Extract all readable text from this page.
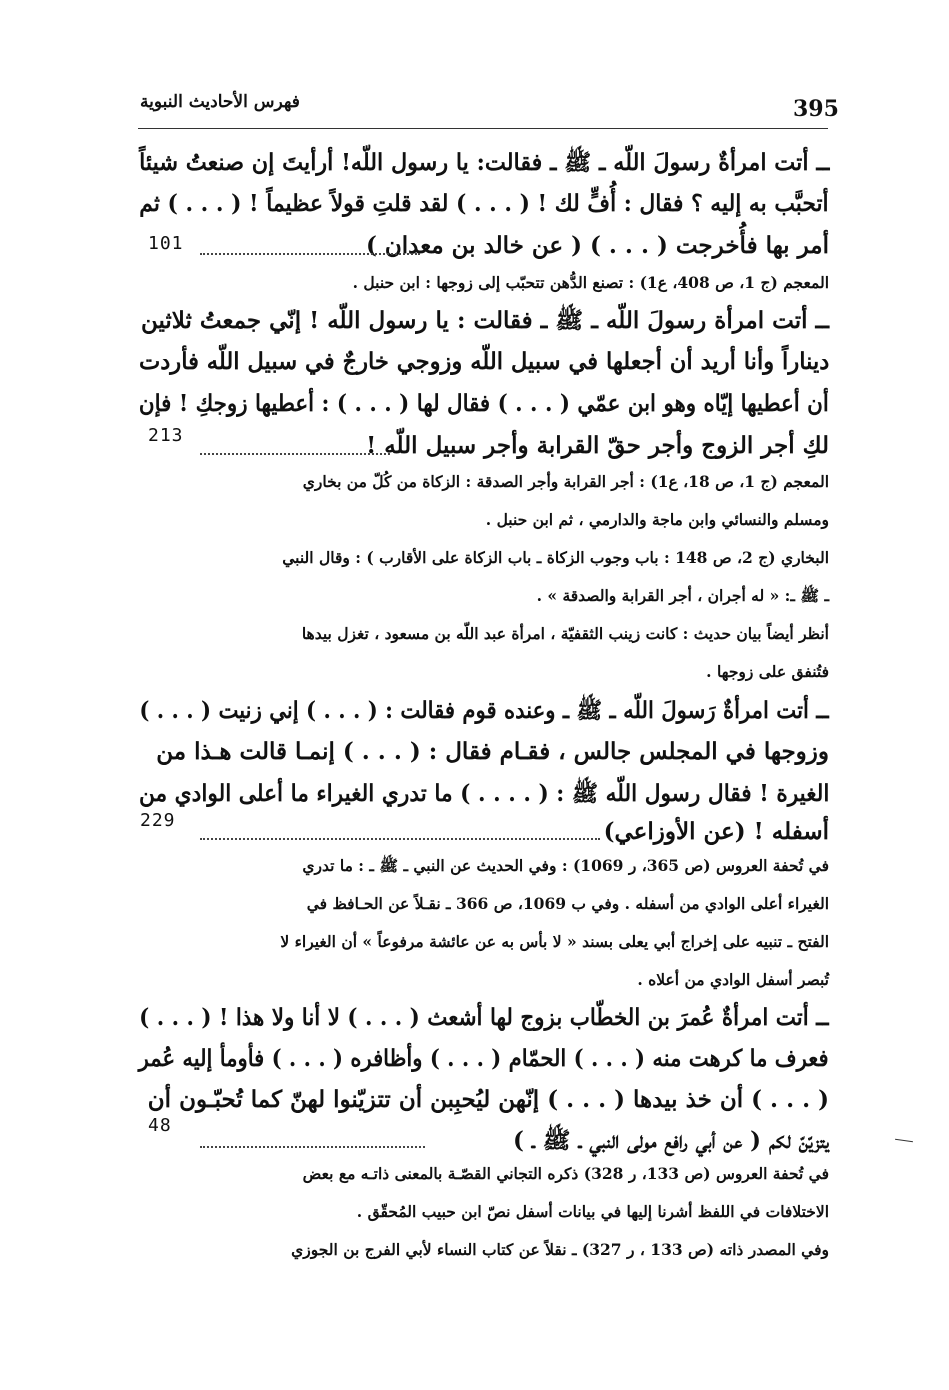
فهرس الأحاديث النبوية	395
ــ أتت امرأةٌ رسولَ اللّه ـ ﷺ ـ فقالت: يا رسول اللّه! أرأيتَ إن صنعتُ شيئاً
أتحبَّب به إليه ؟ فقال : أُفٍّ لك ! ( . . . ) لقد قلتِ قولاً عظيماً ! ( . . . ) ثم
أمر بها فأُخرجت ( . . . ) ( عن خالد بن معدان )
101
المعجم (ج 1، ص 408، ع1) : تصنع الدُّهن تتحبّب إلى زوجها : ابن حنبل .
ــ أتت امرأة رسولَ اللّه ـ ﷺ ـ فقالت : يا رسول اللّه ! إنّي جمعتُ ثلاثين
ديناراً وأنا أريد أن أجعلها في سبيل اللّه وزوجي خارجٌ في سبيل اللّه فأردت
أن أعطيها إيّاه وهو ابن عمّي ( . . . ) فقال لها ( . . . ) : أعطيها زوجكِ ! فإن
لكِ أجر الزوج وأجر حقّ القرابة وأجر سبيل اللّه !
213
المعجم (ج 1، ص 18، ع1) : أجر القرابة وأجر الصدقة : الزكاة من كُلّ من بخاري
ومسلم والنسائي وابن ماجة والدارمي ، ثم ابن حنبل .
البخاري (ج 2، ص 148 : باب وجوب الزكاة ـ باب الزكاة على الأقارب ) : وقال النبي
ـ ﷺ ـ: « له أجران ، أجر القرابة والصدقة » .
أنظر أيضاً بيان حديث : كانت زينب الثقفيّة ، امرأة عبد اللّه بن مسعود ، تغزل بيدها
فتُنفق على زوجها .
ــ أتت امرأةٌ رَسولَ اللّه ـ ﷺ ـ وعنده قوم فقالت : ( . . . ) إني زنيت ( . . . )
وزوجها في المجلس جالس ، فقـام فقال : ( . . . ) إنمـا قالت هـذا من
الغيرة ! فقال رسول اللّه ﷺ : ( . . . . ) ما تدري الغيراء ما أعلى الوادي من
أسفله ! (عن الأوزاعي)
229
في تُحفة العروس (ص 365، ر 1069) : وفي الحديث عن النبي ـ ﷺ ـ : ما تدري
الغيراء أعلى الوادي من أسفله . وفي ب 1069، ص 366 ـ نقـلاً عن الحـافظ في
الفتح ـ تنبيه على إخراج أبي يعلى بسند « لا بأس به عن عائشة مرفوعاً » أن الغيراء لا
تُبصر أسفل الوادي من أعلاه .
ــ أتت امرأةٌ عُمرَ بن الخطّاب بزوج لها أشعث ( . . . ) لا أنا ولا هذا ! ( . . . )
فعرف ما كرهت منه ( . . . ) الحمّام ( . . . ) وأظافره ( . . . ) فأومأ إليه عُمر
( . . . ) أن خذ بيدها ( . . . ) إنّهن ليُحبِبن أن تتزيّنوا لهنّ كما تُحبّـون أن
يتزيّنّ لكم ( عن أبي رافع مولى النبي ـ ﷺ ـ )
48
في تُحفة العروس (ص 133، ر 328) ذكره التجاني القصّـة بالمعنى ذاتـه مع بعض
الاختلافات في اللفظ أشرنا إليها في بيانات أسفل نصّ ابن حبيب المُحقّق .
وفي المصدر ذاته (ص 133 ، ر 327) ـ نقلاً عن كتاب النساء لأبي الفرج بن الجوزي
